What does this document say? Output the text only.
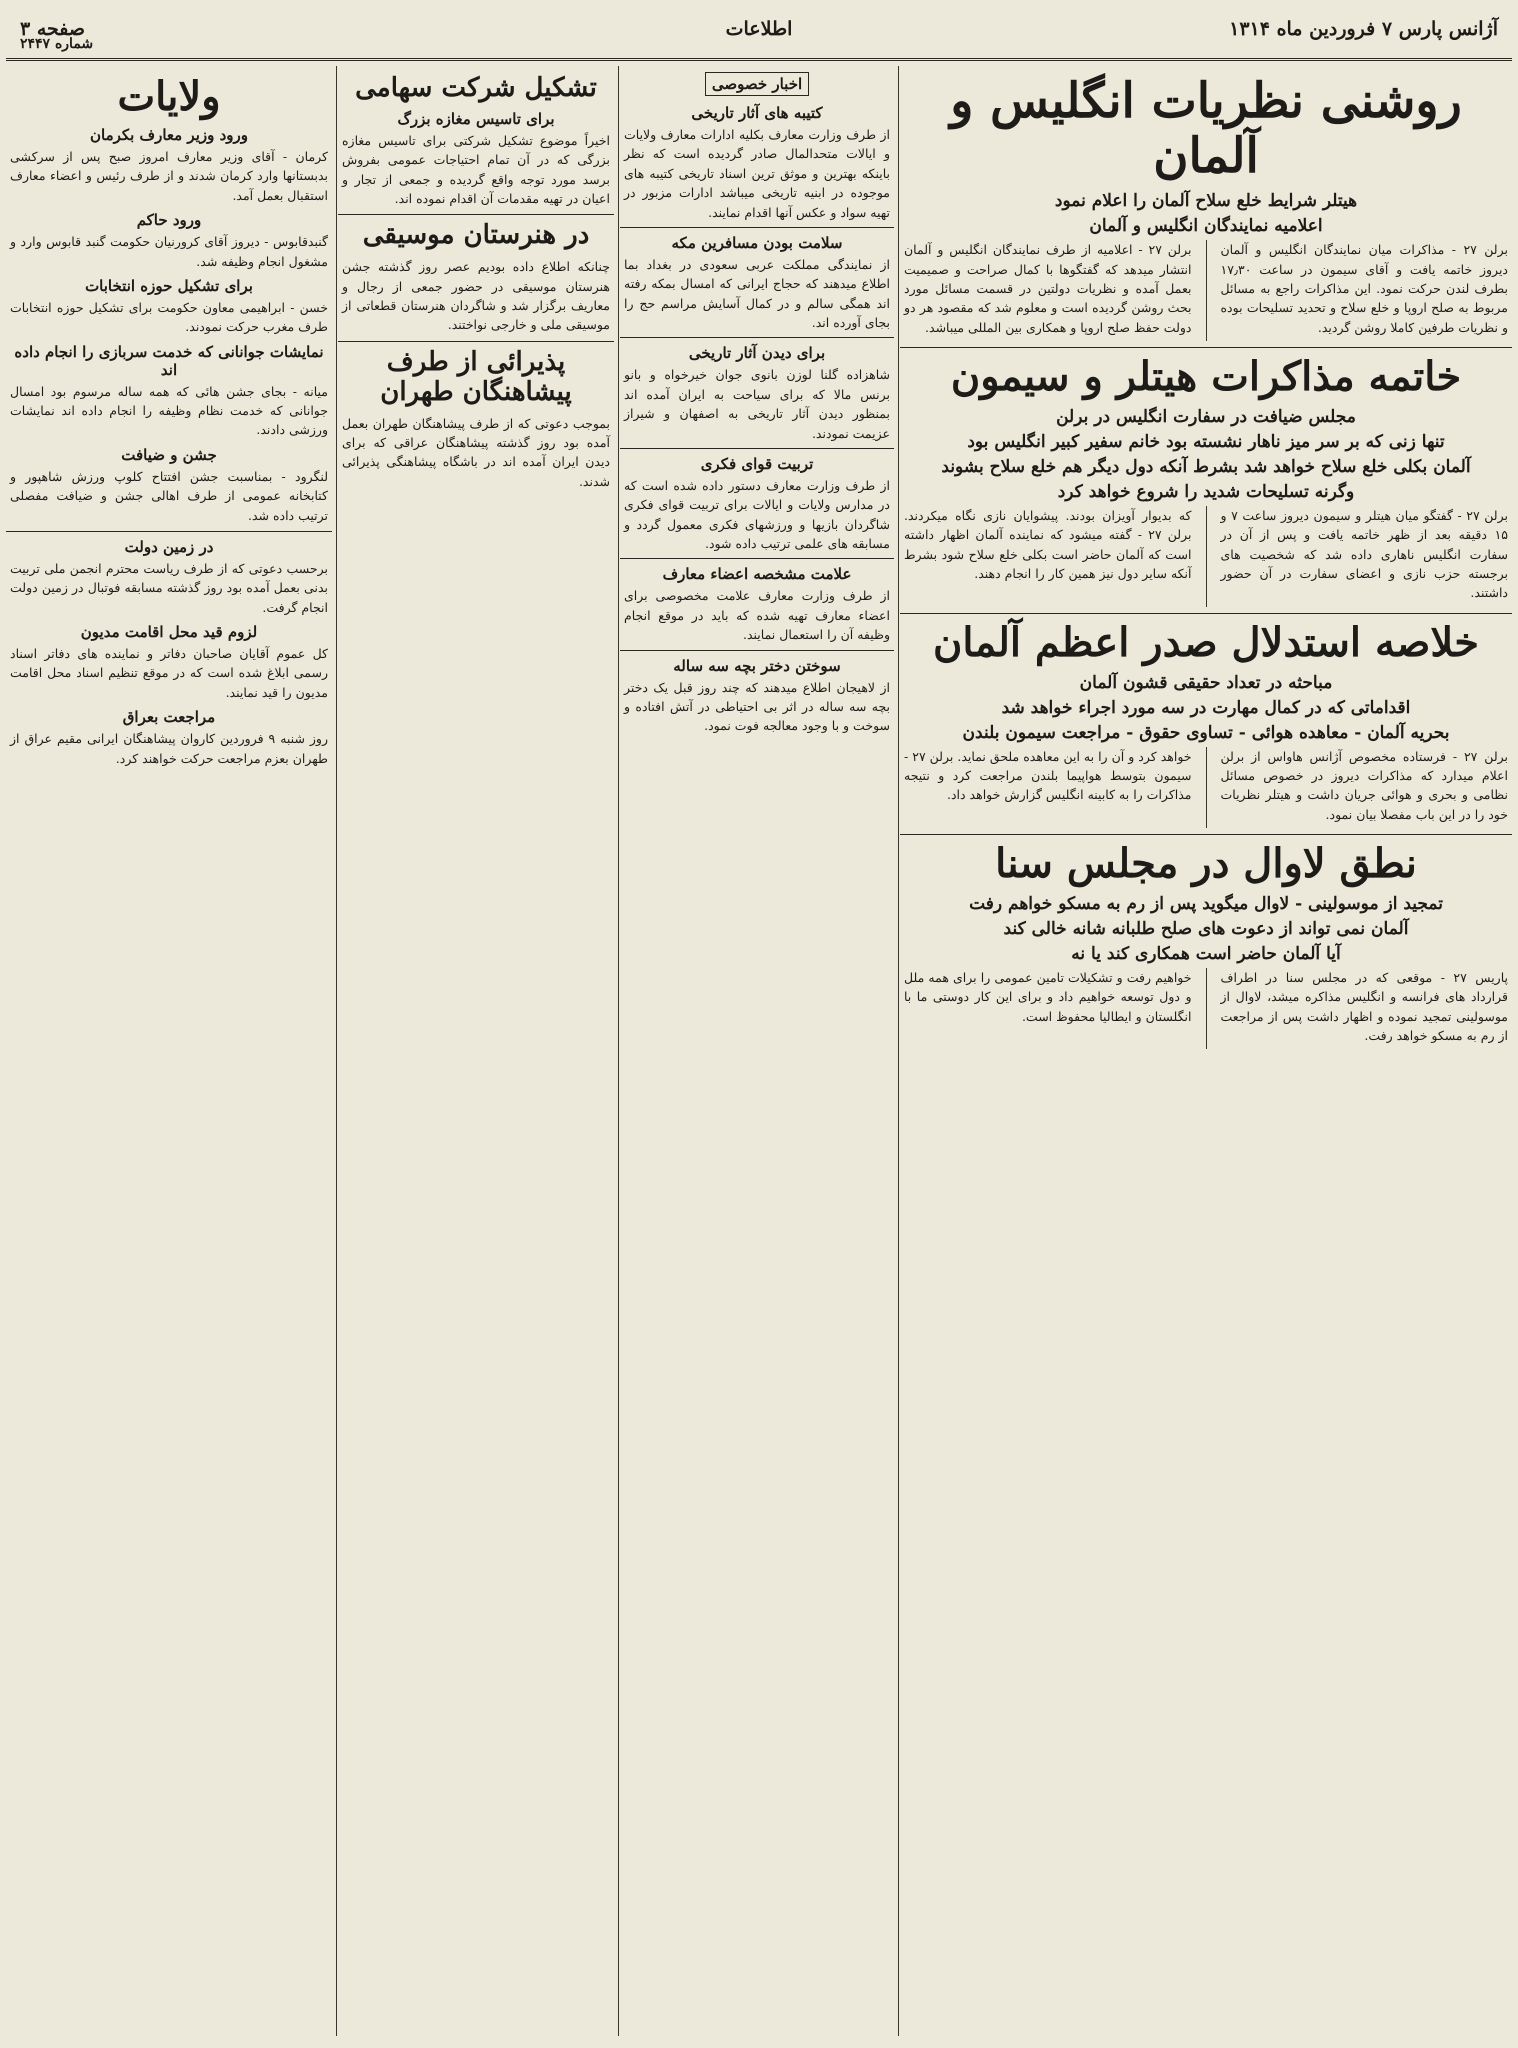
آژانس پارس ۷ فروردین ماه ۱۳۱۴
اطلاعات
صفحه ۳
شماره ۲۴۴۷
روشنی نظریات انگلیس و آلمان
هیتلر شرایط خلع سلاح آلمان را اعلام نمود
اعلامیه نمایندگان انگلیس و آلمان
برلن ۲۷ - مذاکرات میان نمایندگان انگلیس و آلمان دیروز خاتمه یافت و آقای سیمون در ساعت ۱۷٫۳۰ بطرف لندن حرکت نمود. این مذاکرات راجع به مسائل مربوط به صلح اروپا و خلع سلاح و تحدید تسلیحات بوده و نظریات طرفین کاملا روشن گردید.
برلن ۲۷ - اعلامیه از طرف نمایندگان انگلیس و آلمان انتشار میدهد که گفتگوها با کمال صراحت و صمیمیت بعمل آمده و نظریات دولتین در قسمت مسائل مورد بحث روشن گردیده است و معلوم شد که مقصود هر دو دولت حفظ صلح اروپا و همکاری بین المللی میباشد.
خاتمه مذاکرات هیتلر و سیمون
مجلس ضیافت در سفارت انگلیس در برلن
تنها زنی که بر سر میز ناهار نشسته بود خانم سفیر کبیر انگلیس بود
آلمان بکلی خلع سلاح خواهد شد بشرط آنکه دول دیگر هم خلع سلاح بشوند
وگرنه تسلیحات شدید را شروع خواهد کرد
برلن ۲۷ - گفتگو میان هیتلر و سیمون دیروز ساعت ۷ و ۱۵ دقیقه بعد از ظهر خاتمه یافت و پس از آن در سفارت انگلیس ناهاری داده شد که شخصیت های برجسته حزب نازی و اعضای سفارت در آن حضور داشتند.
که بدیوار آویزان بودند. پیشوایان نازی نگاه میکردند. برلن ۲۷ - گفته میشود که نماینده آلمان اظهار داشته است که آلمان حاضر است بکلی خلع سلاح شود بشرط آنکه سایر دول نیز همین کار را انجام دهند.
خلاصه استدلال صدر اعظم آلمان
مباحثه در تعداد حقیقی قشون آلمان
اقداماتی که در کمال مهارت در سه مورد اجراء خواهد شد
بحریه آلمان - معاهده هوائی - تساوی حقوق - مراجعت سیمون بلندن
برلن ۲۷ - فرستاده مخصوص آژانس هاواس از برلن اعلام میدارد که مذاکرات دیروز در خصوص مسائل نظامی و بحری و هوائی جریان داشت و هیتلر نظریات خود را در این باب مفصلا بیان نمود.
خواهد کرد و آن را به این معاهده ملحق نماید. برلن ۲۷ - سیمون بتوسط هواپیما بلندن مراجعت کرد و نتیجه مذاکرات را به کابینه انگلیس گزارش خواهد داد.
نطق لاوال در مجلس سنا
تمجید از موسولینی - لاوال میگوید پس از رم به مسکو خواهم رفت
آلمان نمی تواند از دعوت های صلح طلبانه شانه خالی کند
آیا آلمان حاضر است همکاری کند یا نه
پاریس ۲۷ - موقعی که در مجلس سنا در اطراف قرارداد های فرانسه و انگلیس مذاکره میشد، لاوال از موسولینی تمجید نموده و اظهار داشت پس از مراجعت از رم به مسکو خواهد رفت.
خواهیم رفت و تشکیلات تامین عمومی را برای همه ملل و دول توسعه خواهیم داد و برای این کار دوستی ما با انگلستان و ایطالیا محفوظ است.
اخبار خصوصی
کتیبه های آثار تاریخی
از طرف وزارت معارف بکلیه ادارات معارف ولایات و ایالات متحدالمال صادر گردیده است که نظر باینکه بهترین و موثق ترین اسناد تاریخی کتیبه های موجوده در ابنیه تاریخی میباشد ادارات مزبور در تهیه سواد و عکس آنها اقدام نمایند.
سلامت بودن مسافرین مکه
از نمایندگی مملکت عربی سعودی در بغداد بما اطلاع میدهند که حجاج ایرانی که امسال بمکه رفته اند همگی سالم و در کمال آسایش مراسم حج را بجای آورده اند.
برای دیدن آثار تاریخی
شاهزاده گلنا لوزن بانوی جوان خیرخواه و بانو برنس مالا که برای سیاحت به ایران آمده اند بمنظور دیدن آثار تاریخی به اصفهان و شیراز عزیمت نمودند.
تربیت قوای فکری
از طرف وزارت معارف دستور داده شده است که در مدارس ولایات و ایالات برای تربیت قوای فکری شاگردان بازیها و ورزشهای فکری معمول گردد و مسابقه های علمی ترتیب داده شود.
علامت مشخصه اعضاء معارف
از طرف وزارت معارف علامت مخصوصی برای اعضاء معارف تهیه شده که باید در موقع انجام وظیفه آن را استعمال نمایند.
سوختن دختر بچه سه ساله
از لاهیجان اطلاع میدهند که چند روز قبل یک دختر بچه سه ساله در اثر بی احتیاطی در آتش افتاده و سوخت و با وجود معالجه فوت نمود.
تشکیل شرکت سهامی
برای تاسیس مغازه بزرگ
اخیراً موضوع تشکیل شرکتی برای تاسیس مغازه بزرگی که در آن تمام احتیاجات عمومی بفروش برسد مورد توجه واقع گردیده و جمعی از تجار و اعیان در تهیه مقدمات آن اقدام نموده اند.
در هنرستان موسیقی
چنانکه اطلاع داده بودیم عصر روز گذشته جشن هنرستان موسیقی در حضور جمعی از رجال و معاریف برگزار شد و شاگردان هنرستان قطعاتی از موسیقی ملی و خارجی نواختند.
پذیرائی از طرف پیشاهنگان طهران
بموجب دعوتی که از طرف پیشاهنگان طهران بعمل آمده بود روز گذشته پیشاهنگان عراقی که برای دیدن ایران آمده اند در باشگاه پیشاهنگی پذیرائی شدند.
ولایات
ورود وزیر معارف بکرمان
کرمان - آقای وزیر معارف امروز صبح پس از سرکشی بدبستانها وارد کرمان شدند و از طرف رئیس و اعضاء معارف استقبال بعمل آمد.
ورود حاکم
گنبدقابوس - دیروز آقای کرورنیان حکومت گنبد قابوس وارد و مشغول انجام وظیفه شد.
برای تشکیل حوزه انتخابات
خسن - ابراهیمی معاون حکومت برای تشکیل حوزه انتخابات طرف مغرب حرکت نمودند.
نمایشات جوانانی که خدمت سربازی را انجام داده اند
میانه - بجای جشن هائی که همه ساله مرسوم بود امسال جوانانی که خدمت نظام وظیفه را انجام داده اند نمایشات ورزشی دادند.
جشن و ضیافت
لنگرود - بمناسبت جشن افتتاح کلوپ ورزش شاهپور و کتابخانه عمومی از طرف اهالی جشن و ضیافت مفصلی ترتیب داده شد.
در زمین دولت
برحسب دعوتی که از طرف ریاست محترم انجمن ملی تربیت بدنی بعمل آمده بود روز گذشته مسابقه فوتبال در زمین دولت انجام گرفت.
لزوم قید محل اقامت مدیون
کل عموم آقایان صاحبان دفاتر و نماینده های دفاتر اسناد رسمی ابلاغ شده است که در موقع تنظیم اسناد محل اقامت مدیون را قید نمایند.
مراجعت بعراق
روز شنبه ۹ فروردین کاروان پیشاهنگان ایرانی مقیم عراق از طهران بعزم مراجعت حرکت خواهند کرد.
